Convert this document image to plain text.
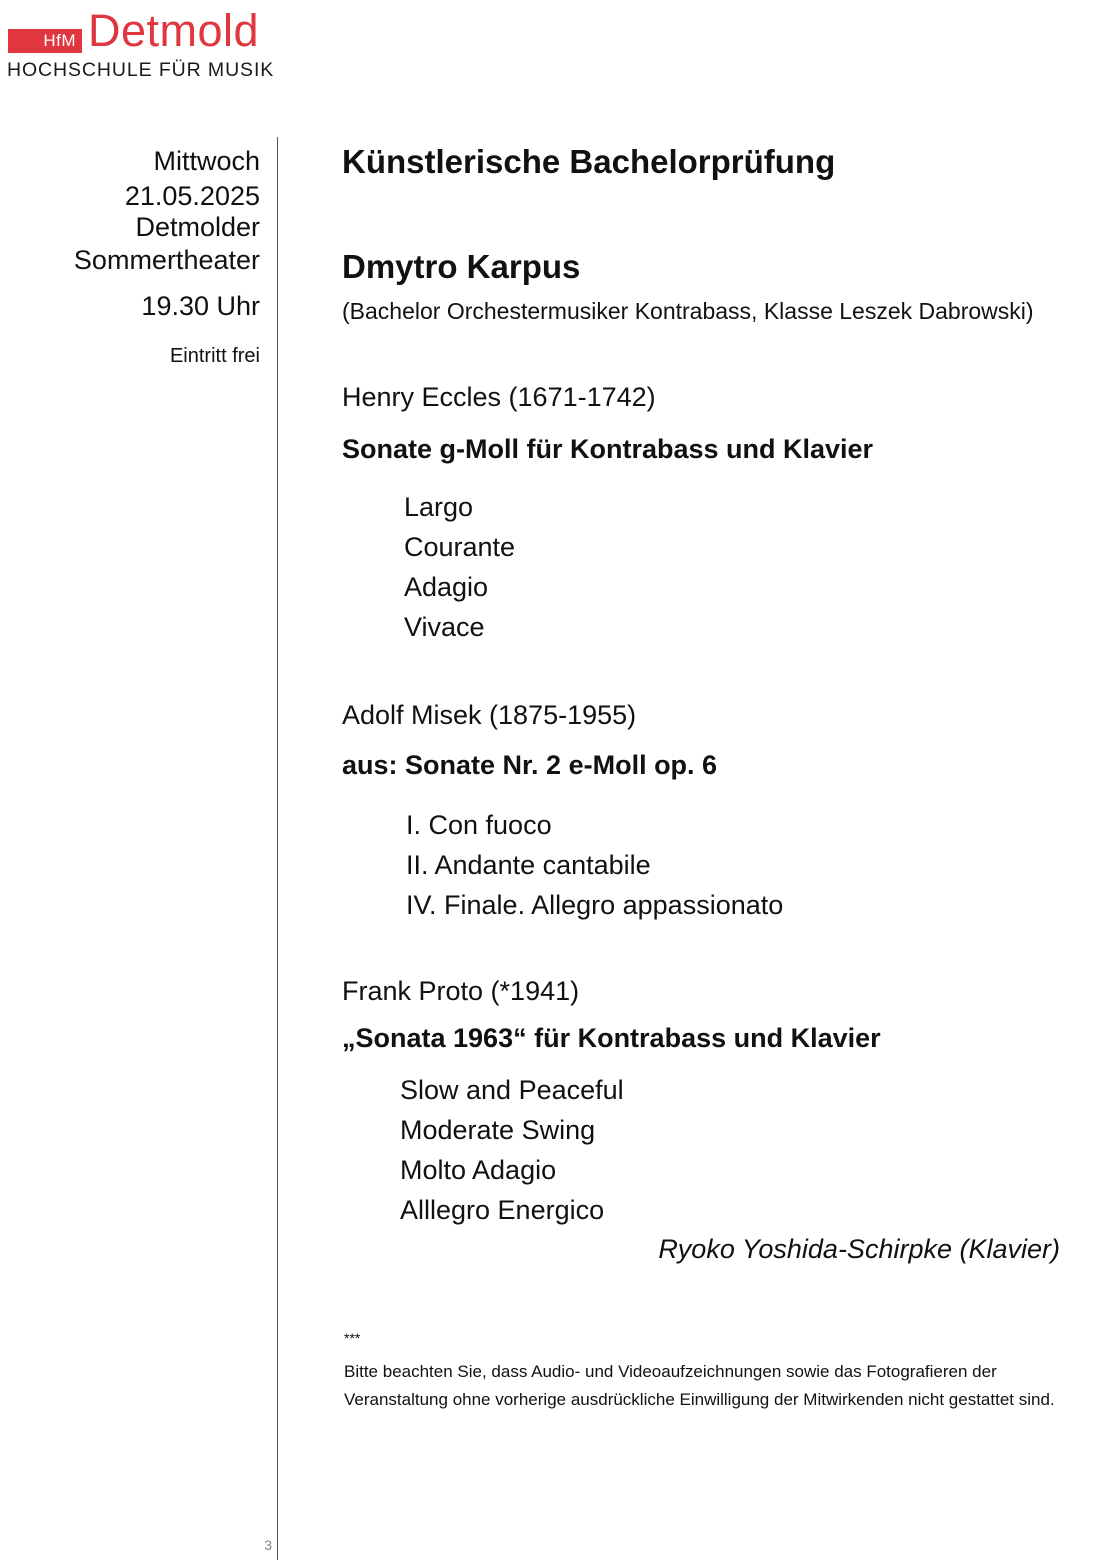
HfM Detmold
HOCHSCHULE FÜR MUSIK
Mittwoch
21.05.2025
Detmolder
Sommertheater
19.30 Uhr
Eintritt frei
3
Künstlerische Bachelorprüfung
Dmytro Karpus
(Bachelor Orchestermusiker Kontrabass, Klasse Leszek Dabrowski)
Henry Eccles (1671-1742)
Sonate g-Moll für Kontrabass und Klavier
Largo
Courante
Adagio
Vivace
Adolf Misek (1875-1955)
aus: Sonate Nr. 2 e-Moll op. 6
I. Con fuoco
II. Andante cantabile
IV. Finale. Allegro appassionato
Frank Proto (*1941)
„Sonata 1963“ für Kontrabass und Klavier
Slow and Peaceful
Moderate Swing
Molto Adagio
Alllegro Energico
Ryoko Yoshida-Schirpke (Klavier)
***
Bitte beachten Sie, dass Audio- und Videoaufzeichnungen sowie das Fotografieren der Veranstaltung ohne vorherige ausdrückliche Einwilligung der Mitwirkenden nicht gestattet sind.
